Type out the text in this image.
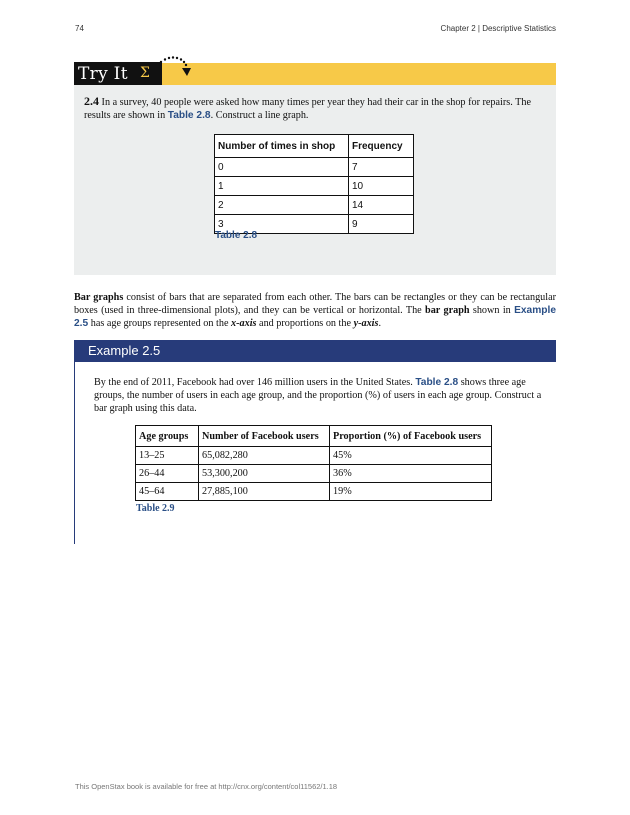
74	Chapter 2 | Descriptive Statistics
Try It Σ
2.4 In a survey, 40 people were asked how many times per year they had their car in the shop for repairs. The results are shown in Table 2.8. Construct a line graph.
Number of times in shop	Frequency
0	7
1	10
2	14
3	9
Table 2.8
Bar graphs consist of bars that are separated from each other. The bars can be rectangles or they can be rectangular boxes (used in three-dimensional plots), and they can be vertical or horizontal. The bar graph shown in Example 2.5 has age groups represented on the x-axis and proportions on the y-axis.
Example 2.5
By the end of 2011, Facebook had over 146 million users in the United States. Table 2.8 shows three age groups, the number of users in each age group, and the proportion (%) of users in each age group. Construct a bar graph using this data.
Age groups	Number of Facebook users	Proportion (%) of Facebook users
13–25	65,082,280	45%
26–44	53,300,200	36%
45–64	27,885,100	19%
Table 2.9
This OpenStax book is available for free at http://cnx.org/content/col11562/1.18
